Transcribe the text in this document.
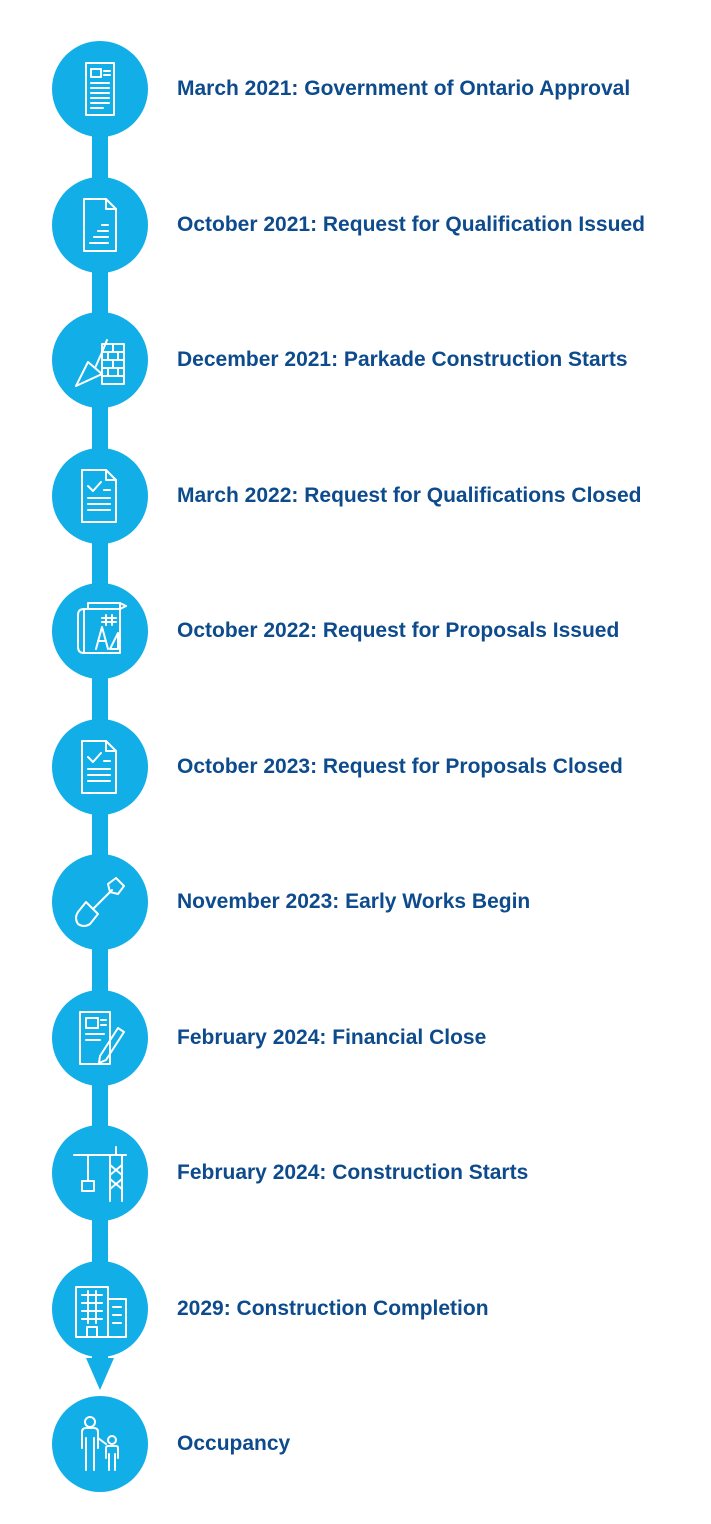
March 2021: Government of Ontario Approval
October 2021: Request for Qualification Issued
December 2021: Parkade Construction Starts
March 2022: Request for Qualifications Closed
October 2022: Request for Proposals Issued
October 2023: Request for Proposals Closed
November 2023: Early Works Begin
February 2024: Financial Close
February 2024: Construction Starts
2029: Construction Completion
Occupancy
